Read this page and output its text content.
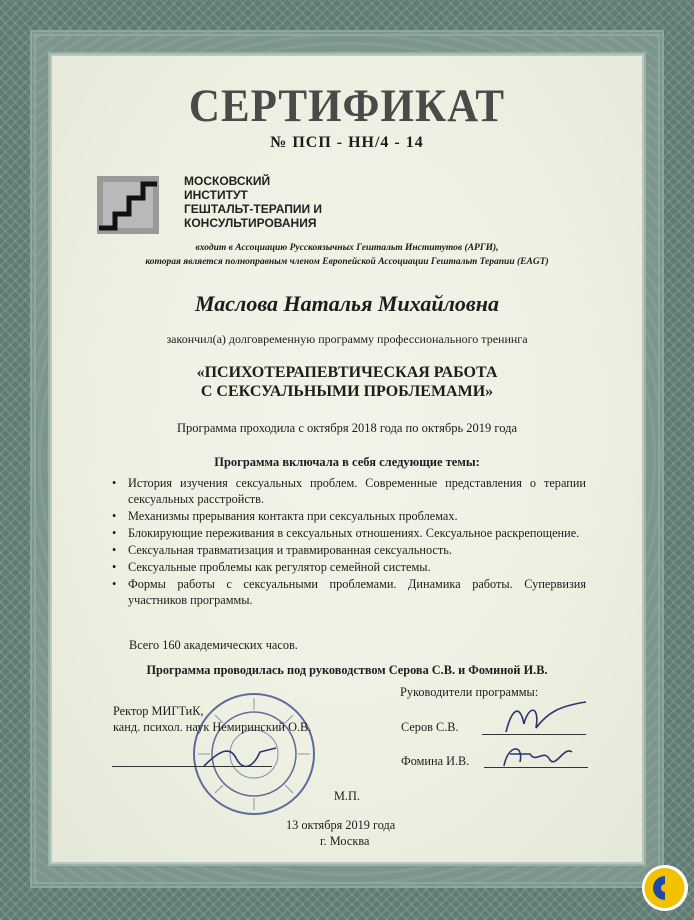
СЕРТИФИКАТ
№ ПСП - НН/4 - 14
МОСКОВСКИЙ
ИНСТИТУТ
ГЕШТАЛЬТ-ТЕРАПИИ И
КОНСУЛЬТИРОВАНИЯ
входит в Ассоциацию Русскоязычных Гештальт Институтов (АРГИ),
которая является полноправным членом Европейской Ассоциации Гештальт Терапии (EAGT)
Маслова Наталья Михайловна
закончил(а) долговременную программу профессионального тренинга
«ПСИХОТЕРАПЕВТИЧЕСКАЯ РАБОТА
С СЕКСУАЛЬНЫМИ ПРОБЛЕМАМИ»
Программа проходила с октября 2018 года по октябрь 2019 года
Программа включала в себя следующие темы:
• История изучения сексуальных проблем. Современные представления о терапии сексуальных расстройств.
• Механизмы прерывания контакта при сексуальных проблемах.
• Блокирующие переживания в сексуальных отношениях. Сексуальное раскрепощение.
• Сексуальная травматизация и травмированная сексуальность.
• Сексуальные проблемы как регулятор семейной системы.
• Формы работы с сексуальными проблемами. Динамика работы. Супервизия участников программы.
Всего 160 академических часов.
Программа проводилась под руководством Серова С.В. и Фоминой И.В.
Руководители программы:
Ректор МИГТиК,
канд. психол. наук Немиринский О.В.	Серов С.В.
Фомина И.В.
М.П.
13 октября 2019 года
г. Москва
